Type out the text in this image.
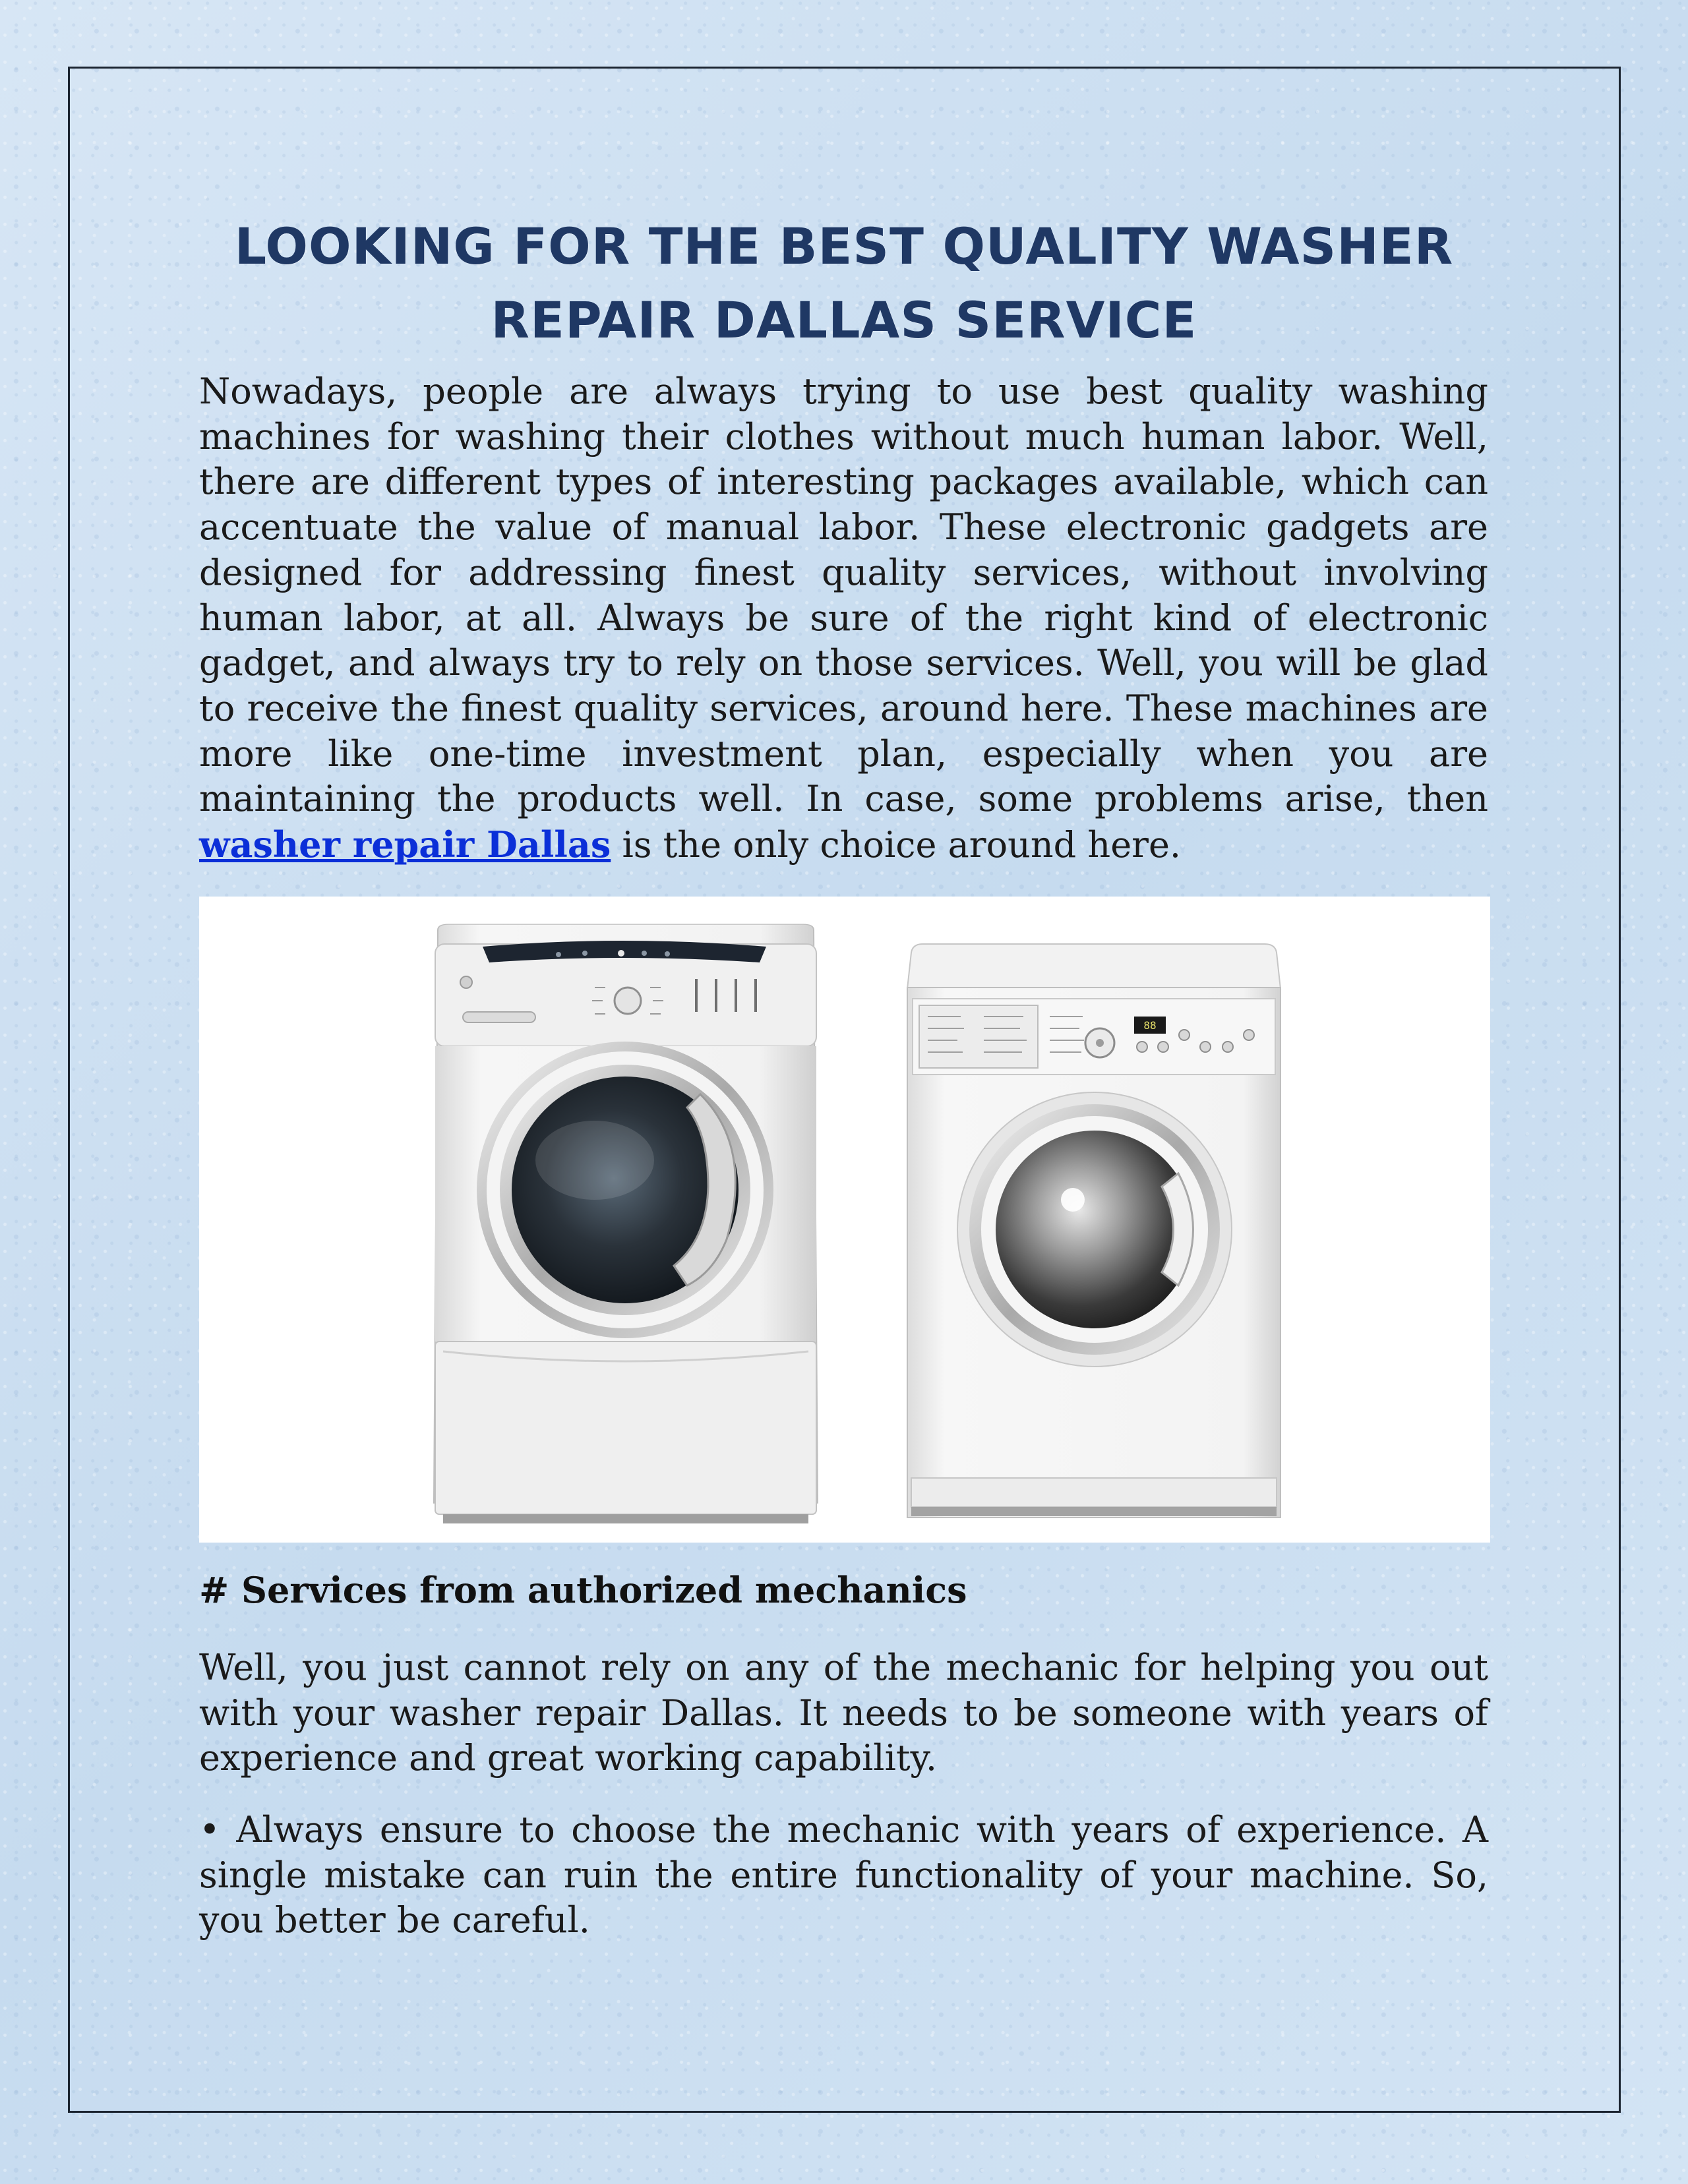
LOOKING FOR THE BEST QUALITY WASHER REPAIR DALLAS SERVICE

Nowadays, people are always trying to use best quality washing machines for washing their clothes without much human labor. Well, there are different types of interesting packages available, which can accentuate the value of manual labor. These electronic gadgets are designed for addressing finest quality services, without involving human labor, at all. Always be sure of the right kind of electronic gadget, and always try to rely on those services. Well, you will be glad to receive the finest quality services, around here. These machines are more like one-time investment plan, especially when you are maintaining the products well. In case, some problems arise, then washer repair Dallas is the only choice around here.

88
# Services from authorized mechanics

Well, you just cannot rely on any of the mechanic for helping you out with your washer repair Dallas. It needs to be someone with years of experience and great working capability.

• Always ensure to choose the mechanic with years of experience. A single mistake can ruin the entire functionality of your machine. So, you better be careful.
